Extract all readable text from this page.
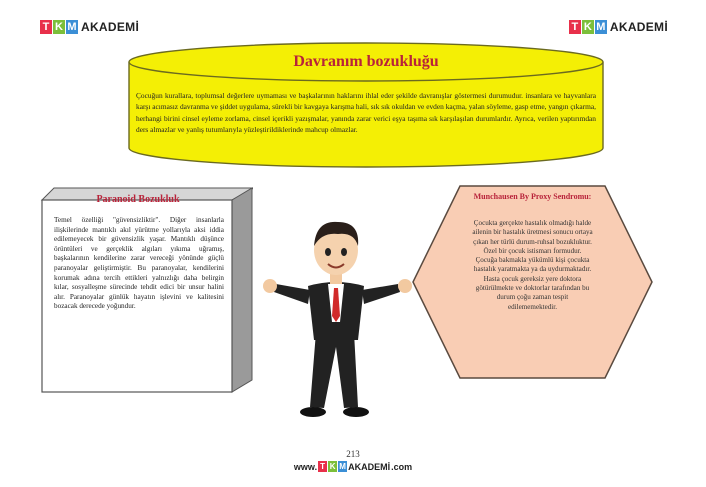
T K M AKADEMİ	T K M AKADEMİ
Davranım bozukluğu
Çocuğun kurallara, toplumsal değerlere uymaması ve başkalarının haklarını ihlal eder şekilde davranışlar göstermesi durumudur. insanlara ve hayvanlara karşı acımasız davranma ve şiddet uygulama, sürekli bir kavgaya karışma hali, sık sık okuldan ve evden kaçma, yalan söyleme, gasp etme, yangın çıkarma, herhangi birini cinsel eyleme zorlama, cinsel içerikli yazışmalar, yanında zarar verici eşya taşıma sık karşılaşılan durumlardır. Ayrıca, verilen yaptırımdan ders almazlar ve yanlış tutumlarıyla yüzleştirildiklerinde mahcup olmazlar.
Paranoid Bozukluk
Temel özelliği "güvensizliktir". Diğer insanlarla ilişkilerinde mantıklı akıl yürütme yollarıyla aksi iddia edilemeyecek bir güvensizlik yaşar. Mantıklı düşünce örüntüleri ve gerçeklik algıları yıkıma uğramış, başkalarının kendilerine zarar vereceği yönünde güçlü paranoyalar geliştirmiştir. Bu paranoyalar, kendilerini korumak adına tercih ettikleri yalnızlığı daha belirgin kılar, sosyalleşme sürecinde tehdit edici bir unsur halini alır. Paranoyalar günlük hayatın işlevini ve kalitesini bozacak derecede yoğundur.
Munchausen By Proxy Sendromu:
Çocukta gerçekte hastalık olmadığı halde ailenin bir hastalık üretmesi sonucu ortaya çıkan her türlü durum-ruhsal bozukluktur. Özel bir çocuk istismarı formudur. Çocuğa bakmakla yükümlü kişi çocukta hastalık yaratmakta ya da uydurmaktadır. Hasta çocuk gereksiz yere doktora götürülmekte ve doktorlar tarafından bu durum çoğu zaman tespit edilememektedir.
213
www. T K M AKADEMİ .com
